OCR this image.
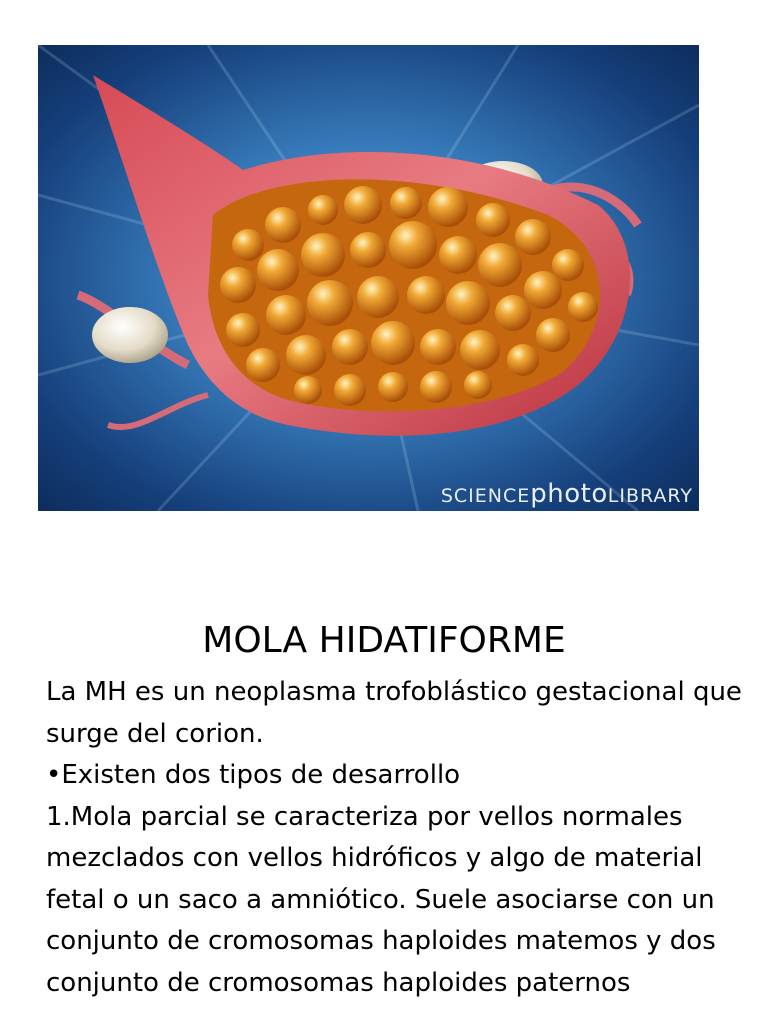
SCIENCEphotoLIBRARY
MOLA HIDATIFORME

La MH es un neoplasma trofoblástico gestacional que surge del corion.

•Existen dos tipos de desarrollo

1.Mola parcial se caracteriza por vellos normales mezclados con vellos hidróficos y algo de material fetal o un saco a amniótico. Suele asociarse con un conjunto de cromosomas haploides matemos y dos conjunto de cromosomas haploides paternos
